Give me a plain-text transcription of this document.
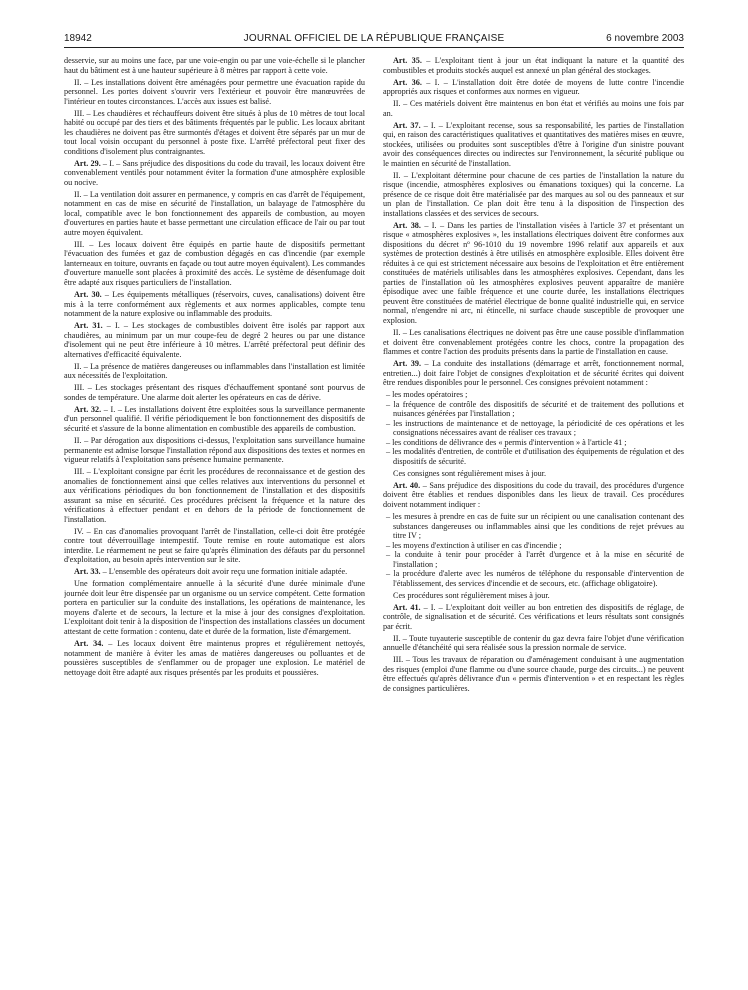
18942	JOURNAL OFFICIEL DE LA RÉPUBLIQUE FRANÇAISE	6 novembre 2003

desservie, sur au moins une face, par une voie-engin ou par une voie-échelle si le plancher haut du bâtiment est à une hauteur supérieure à 8 mètres par rapport à cette voie.

II. – Les installations doivent être aménagées pour permettre une évacuation rapide du personnel. Les portes doivent s'ouvrir vers l'extérieur et pouvoir être manœuvrées de l'intérieur en toutes circonstances. L'accès aux issues est balisé.

III. – Les chaudières et réchauffeurs doivent être situés à plus de 10 mètres de tout local habité ou occupé par des tiers et des bâtiments fréquentés par le public. Les locaux abritant les chaudières ne doivent pas être surmontés d'étages et doivent être séparés par un mur de tout local voisin occupant du personnel à poste fixe. L'arrêté préfectoral peut fixer des conditions d'isolement plus contraignantes.

Art. 29. – I. – Sans préjudice des dispositions du code du travail, les locaux doivent être convenablement ventilés pour notamment éviter la formation d'une atmosphère explosible ou nocive.

II. – La ventilation doit assurer en permanence, y compris en cas d'arrêt de l'équipement, notamment en cas de mise en sécurité de l'installation, un balayage de l'atmosphère du local, compatible avec le bon fonctionnement des appareils de combustion, au moyen d'ouvertures en parties haute et basse permettant une circulation efficace de l'air ou par tout autre moyen équivalent.

III. – Les locaux doivent être équipés en partie haute de dispositifs permettant l'évacuation des fumées et gaz de combustion dégagés en cas d'incendie (par exemple lanterneaux en toiture, ouvrants en façade ou tout autre moyen équivalent). Les commandes d'ouverture manuelle sont placées à proximité des accès. Le système de désenfumage doit être adapté aux risques particuliers de l'installation.

Art. 30. – Les équipements métalliques (réservoirs, cuves, canalisations) doivent être mis à la terre conformément aux règlements et aux normes applicables, compte tenu notamment de la nature explosive ou inflammable des produits.

Art. 31. – I. – Les stockages de combustibles doivent être isolés par rapport aux chaudières, au minimum par un mur coupe-feu de degré 2 heures ou par une distance d'isolement qui ne peut être inférieure à 10 mètres. L'arrêté préfectoral peut définir des alternatives d'efficacité équivalente.

II. – La présence de matières dangereuses ou inflammables dans l'installation est limitée aux nécessités de l'exploitation.

III. – Les stockages présentant des risques d'échauffement spontané sont pourvus de sondes de température. Une alarme doit alerter les opérateurs en cas de dérive.

Art. 32. – I. – Les installations doivent être exploitées sous la surveillance permanente d'un personnel qualifié. Il vérifie périodiquement le bon fonctionnement des dispositifs de sécurité et s'assure de la bonne alimentation en combustible des appareils de combustion.

II. – Par dérogation aux dispositions ci-dessus, l'exploitation sans surveillance humaine permanente est admise lorsque l'installation répond aux dispositions des textes et normes en vigueur relatifs à l'exploitation sans présence humaine permanente.

III. – L'exploitant consigne par écrit les procédures de reconnaissance et de gestion des anomalies de fonctionnement ainsi que celles relatives aux interventions du personnel et aux vérifications périodiques du bon fonctionnement de l'installation et des dispositifs assurant sa mise en sécurité. Ces procédures précisent la fréquence et la nature des vérifications à effectuer pendant et en dehors de la période de fonctionnement de l'installation.

IV. – En cas d'anomalies provoquant l'arrêt de l'installation, celle-ci doit être protégée contre tout déverrouillage intempestif. Toute remise en route automatique est alors interdite. Le réarmement ne peut se faire qu'après élimination des défauts par du personnel d'exploitation, au besoin après intervention sur le site.

Art. 33. – L'ensemble des opérateurs doit avoir reçu une formation initiale adaptée.

Une formation complémentaire annuelle à la sécurité d'une durée minimale d'une journée doit leur être dispensée par un organisme ou un service compétent. Cette formation portera en particulier sur la conduite des installations, les opérations de maintenance, les moyens d'alerte et de secours, la lecture et la mise à jour des consignes d'exploitation. L'exploitant doit tenir à la disposition de l'inspection des installations classées un document attestant de cette formation : contenu, date et durée de la formation, liste d'émargement.

Art. 34. – Les locaux doivent être maintenus propres et régulièrement nettoyés, notamment de manière à éviter les amas de matières dangereuses ou polluantes et de poussières susceptibles de s'enflammer ou de propager une explosion. Le matériel de nettoyage doit être adapté aux risques présentés par les produits et poussières.

Art. 35. – L'exploitant tient à jour un état indiquant la nature et la quantité des combustibles et produits stockés auquel est annexé un plan général des stockages.

Art. 36. – I. – L'installation doit être dotée de moyens de lutte contre l'incendie appropriés aux risques et conformes aux normes en vigueur.

II. – Ces matériels doivent être maintenus en bon état et vérifiés au moins une fois par an.

Art. 37. – I. – L'exploitant recense, sous sa responsabilité, les parties de l'installation qui, en raison des caractéristiques qualitatives et quantitatives des matières mises en œuvre, stockées, utilisées ou produites sont susceptibles d'être à l'origine d'un sinistre pouvant avoir des conséquences directes ou indirectes sur l'environnement, la sécurité publique ou le maintien en sécurité de l'installation.

II. – L'exploitant détermine pour chacune de ces parties de l'installation la nature du risque (incendie, atmosphères explosives ou émanations toxiques) qui la concerne. La présence de ce risque doit être matérialisée par des marques au sol ou des panneaux et sur un plan de l'installation. Ce plan doit être tenu à la disposition de l'inspection des installations classées et des services de secours.

Art. 38. – I. – Dans les parties de l'installation visées à l'article 37 et présentant un risque « atmosphères explosives », les installations électriques doivent être conformes aux dispositions du décret nº 96-1010 du 19 novembre 1996 relatif aux appareils et aux systèmes de protection destinés à être utilisés en atmosphère explosible. Elles doivent être réduites à ce qui est strictement nécessaire aux besoins de l'exploitation et être entièrement constituées de matériels utilisables dans les atmosphères explosives. Cependant, dans les parties de l'installation où les atmosphères explosives peuvent apparaître de manière épisodique avec une faible fréquence et une courte durée, les installations électriques peuvent être constituées de matériel électrique de bonne qualité industrielle qui, en service normal, n'engendre ni arc, ni étincelle, ni surface chaude susceptible de provoquer une explosion.

II. – Les canalisations électriques ne doivent pas être une cause possible d'inflammation et doivent être convenablement protégées contre les chocs, contre la propagation des flammes et contre l'action des produits présents dans la partie de l'installation en cause.

Art. 39. – La conduite des installations (démarrage et arrêt, fonctionnement normal, entretien...) doit faire l'objet de consignes d'exploitation et de sécurité écrites qui doivent être rendues disponibles pour le personnel. Ces consignes prévoient notamment :

– les modes opératoires ;
– la fréquence de contrôle des dispositifs de sécurité et de traitement des pollutions et nuisances générées par l'installation ;
– les instructions de maintenance et de nettoyage, la périodicité de ces opérations et les consignations nécessaires avant de réaliser ces travaux ;
– les conditions de délivrance des « permis d'intervention » à l'article 41 ;
– les modalités d'entretien, de contrôle et d'utilisation des équipements de régulation et des dispositifs de sécurité.

Ces consignes sont régulièrement mises à jour.

Art. 40. – Sans préjudice des dispositions du code du travail, des procédures d'urgence doivent être établies et rendues disponibles dans les lieux de travail. Ces procédures doivent notamment indiquer :

– les mesures à prendre en cas de fuite sur un récipient ou une canalisation contenant des substances dangereuses ou inflammables ainsi que les conditions de rejet prévues au titre IV ;
– les moyens d'extinction à utiliser en cas d'incendie ;
– la conduite à tenir pour procéder à l'arrêt d'urgence et à la mise en sécurité de l'installation ;
– la procédure d'alerte avec les numéros de téléphone du responsable d'intervention de l'établissement, des services d'incendie et de secours, etc. (affichage obligatoire).

Ces procédures sont régulièrement mises à jour.

Art. 41. – I. – L'exploitant doit veiller au bon entretien des dispositifs de réglage, de contrôle, de signalisation et de sécurité. Ces vérifications et leurs résultats sont consignés par écrit.

II. – Toute tuyauterie susceptible de contenir du gaz devra faire l'objet d'une vérification annuelle d'étanchéité qui sera réalisée sous la pression normale de service.

III. – Tous les travaux de réparation ou d'aménagement conduisant à une augmentation des risques (emploi d'une flamme ou d'une source chaude, purge des circuits...) ne peuvent être effectués qu'après délivrance d'un « permis d'intervention » et en respectant les règles de consignes particulières.
